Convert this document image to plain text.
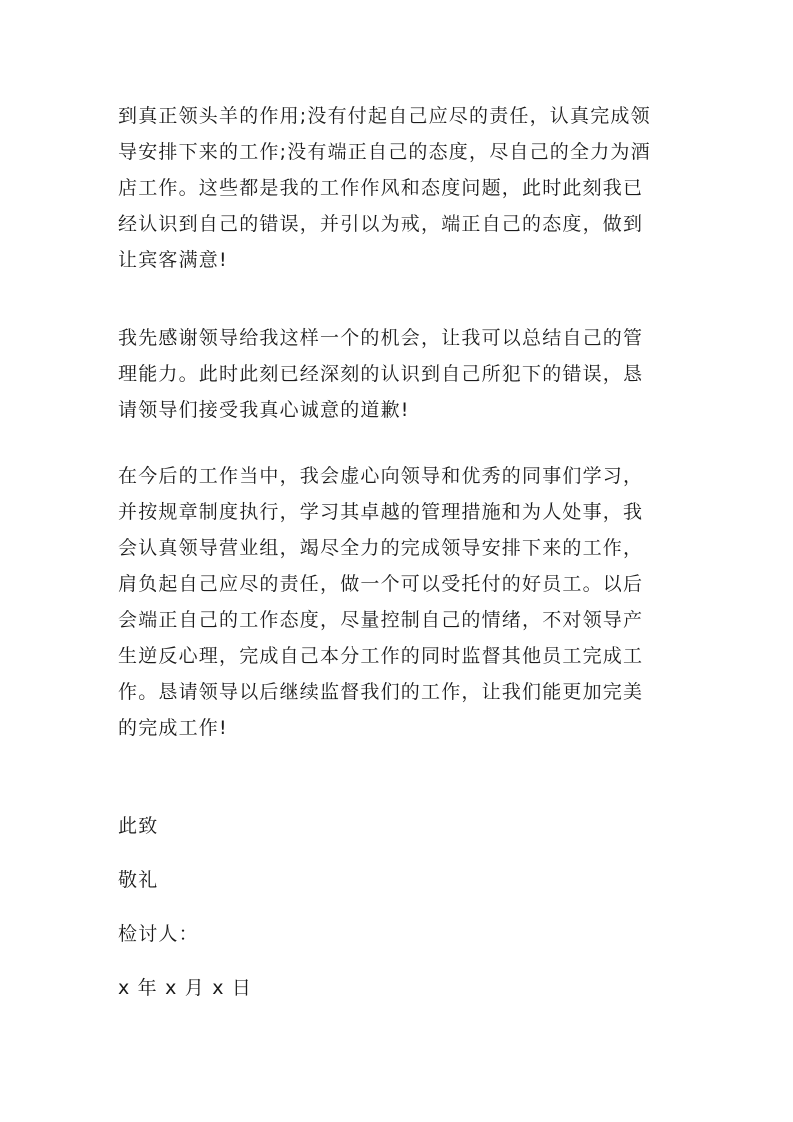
到真正领头羊的作用;没有付起自己应尽的责任，认真完成领
导安排下来的工作;没有端正自己的态度，尽自己的全力为酒
店工作。这些都是我的工作作风和态度问题，此时此刻我已
经认识到自己的错误，并引以为戒，端正自己的态度，做到
让宾客满意!
我先感谢领导给我这样一个的机会，让我可以总结自己的管
理能力。此时此刻已经深刻的认识到自己所犯下的错误，恳
请领导们接受我真心诚意的道歉!
在今后的工作当中，我会虚心向领导和优秀的同事们学习，
并按规章制度执行，学习其卓越的管理措施和为人处事，我
会认真领导营业组，竭尽全力的完成领导安排下来的工作，
肩负起自己应尽的责任，做一个可以受托付的好员工。以后
会端正自己的工作态度，尽量控制自己的情绪，不对领导产
生逆反心理，完成自己本分工作的同时监督其他员工完成工
作。恳请领导以后继续监督我们的工作，让我们能更加完美
的完成工作!
此致
敬礼
检讨人：
x 年 x 月 x 日
